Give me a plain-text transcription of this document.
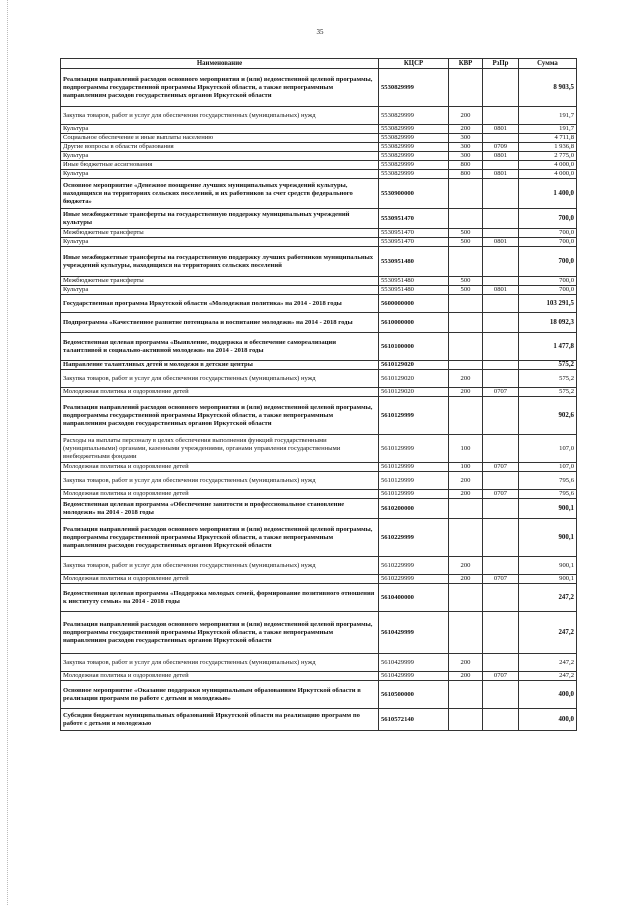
35
Наименование	КЦСР	КВР	РзПр	Сумма
Реализация направлений расходов основного мероприятия и (или) ведомственной целевой программы, подпрограммы государственной программы Иркутской области, а также непрограммным направлениям расходов государственных органов Иркутской области	5530829999			8 903,5
Закупка товаров, работ и услуг для обеспечения государственных (муниципальных) нужд	5530829999	200		191,7
Культура	5530829999	200	0801	191,7
Социальное обеспечение и иные выплаты населению	5530829999	300		4 711,8
Другие вопросы в области образования	5530829999	300	0709	1 936,8
Культура	5530829999	300	0801	2 775,0
Иные бюджетные ассигнования	5530829999	800		4 000,0
Культура	5530829999	800	0801	4 000,0
Основное мероприятие «Денежное поощрение лучших муниципальных учреждений культуры, находящихся на территориях сельских поселений, и их работников за счет средств федерального бюджета»	5530900000			1 400,0
Иные межбюджетные трансферты на государственную поддержку муниципальных учреждений культуры	5530951470			700,0
Межбюджетные трансферты	5530951470	500		700,0
Культура	5530951470	500	0801	700,0
Иные межбюджетные трансферты на государственную поддержку лучших работников муниципальных учреждений культуры, находящихся на территориях сельских поселений	5530951480			700,0
Межбюджетные трансферты	5530951480	500		700,0
Культура	5530951480	500	0801	700,0
Государственная программа Иркутской области «Молодежная политика» на 2014 - 2018 годы	5600000000			103 291,5
Подпрограмма «Качественное развитие потенциала и воспитание молодежи» на 2014 - 2018 годы	5610000000			18 092,3
Ведомственная целевая программа «Выявление, поддержка и обеспечение самореализации талантливой и социально-активной молодежи» на 2014 - 2018 годы	5610100000			1 477,8
Направление талантливых детей и молодежи в детские центры	5610129020			575,2
Закупка товаров, работ и услуг для обеспечения государственных (муниципальных) нужд	5610129020	200		575,2
Молодежная политика и оздоровление детей	5610129020	200	0707	575,2
Реализация направлений расходов основного мероприятия и (или) ведомственной целевой программы, подпрограммы государственной программы Иркутской области, а также непрограммным направлениям расходов государственных органов Иркутской области	5610129999			902,6
Расходы на выплаты персоналу в целях обеспечения выполнения функций государственными (муниципальными) органами, казенными учреждениями, органами управления государственными внебюджетными фондами	5610129999	100		107,0
Молодежная политика и оздоровление детей	5610129999	100	0707	107,0
Закупка товаров, работ и услуг для обеспечения государственных (муниципальных) нужд	5610129999	200		795,6
Молодежная политика и оздоровление детей	5610129999	200	0707	795,6
Ведомственная целевая программа «Обеспечение занятости и профессиональное становление молодежи» на 2014 - 2018 годы	5610200000			900,1
Реализация направлений расходов основного мероприятия и (или) ведомственной целевой программы, подпрограммы государственной программы Иркутской области, а также непрограммным направлениям расходов государственных органов Иркутской области	5610229999			900,1
Закупка товаров, работ и услуг для обеспечения государственных (муниципальных) нужд	5610229999	200		900,1
Молодежная политика и оздоровление детей	5610229999	200	0707	900,1
Ведомственная целевая программа «Поддержка молодых семей, формирование позитивного отношения к институту семьи» на 2014 - 2018 годы	5610400000			247,2
Реализация направлений расходов основного мероприятия и (или) ведомственной целевой программы, подпрограммы государственной программы Иркутской области, а также непрограммным направлениям расходов государственных органов Иркутской области	5610429999			247,2
Закупка товаров, работ и услуг для обеспечения государственных (муниципальных) нужд	5610429999	200		247,2
Молодежная политика и оздоровление детей	5610429999	200	0707	247,2
Основное мероприятие «Оказание поддержки муниципальным образованиям Иркутской области в реализации программ по работе с детьми и молодежью»	5610500000			400,0
Субсидии бюджетам муниципальных образований Иркутской области на реализацию программ по работе с детьми и молодежью	5610572140			400,0
